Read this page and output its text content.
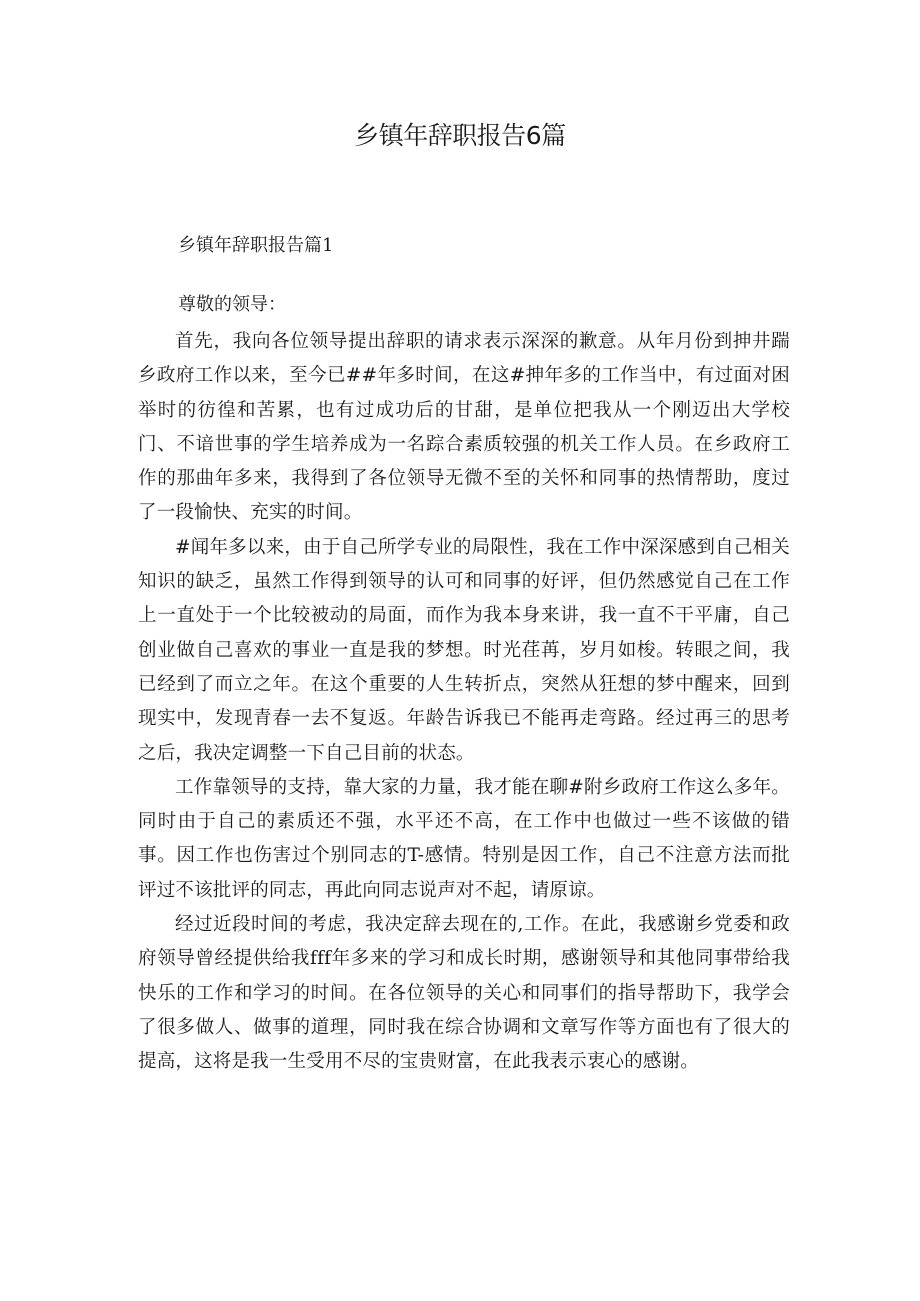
乡镇年辞职报告6篇
乡镇年辞职报告篇1

尊敬的领导：

首先，我向各位领导提出辞职的请求表示深深的歉意。从年月份到抻井踹乡政府工作以来，至今已##年多时间，在这#抻年多的工作当中，有过面对困举时的彷徨和苦累，也有过成功后的甘甜，是单位把我从一个刚迈出大学校门、不谙世事的学生培养成为一名踪合素质较强的机关工作人员。在乡政府工作的那曲年多来，我得到了各位领导无微不至的关怀和同事的热情帮助，度过了一段愉快、充实的时间。

#闻年多以来，由于自己所学专业的局限性，我在工作中深深感到自己相关知识的缺乏，虽然工作得到领导的认可和同事的好评，但仍然感觉自己在工作上一直处于一个比较被动的局面，而作为我本身来讲，我一直不干平庸，自己创业做自己喜欢的事业一直是我的梦想。时光荏苒，岁月如梭。转眼之间，我已经到了而立之年。在这个重要的人生转折点，突然从狂想的梦中醒来，回到现实中，发现青春一去不复返。年龄告诉我已不能再走弯路。经过再三的思考之后，我决定调整一下自己目前的状态。

工作靠领导的支持，靠大家的力量，我才能在聊#附乡政府工作这么多年。同时由于自己的素质还不强，水平还不高，在工作中也做过一些不该做的错事。因工作也伤害过个别同志的T-感情。特别是因工作，自己不注意方法而批评过不该批评的同志，再此向同志说声对不起，请原谅。

经过近段时间的考虑，我决定辞去现在的,工作。在此，我感谢乡党委和政府领导曾经提供给我fff年多来的学习和成长时期，感谢领导和其他同事带给我快乐的工作和学习的时间。在各位领导的关心和同事们的指导帮助下，我学会了很多做人、做事的道理，同时我在综合协调和文章写作等方面也有了很大的提高，这将是我一生受用不尽的宝贵财富，在此我表示衷心的感谢。
